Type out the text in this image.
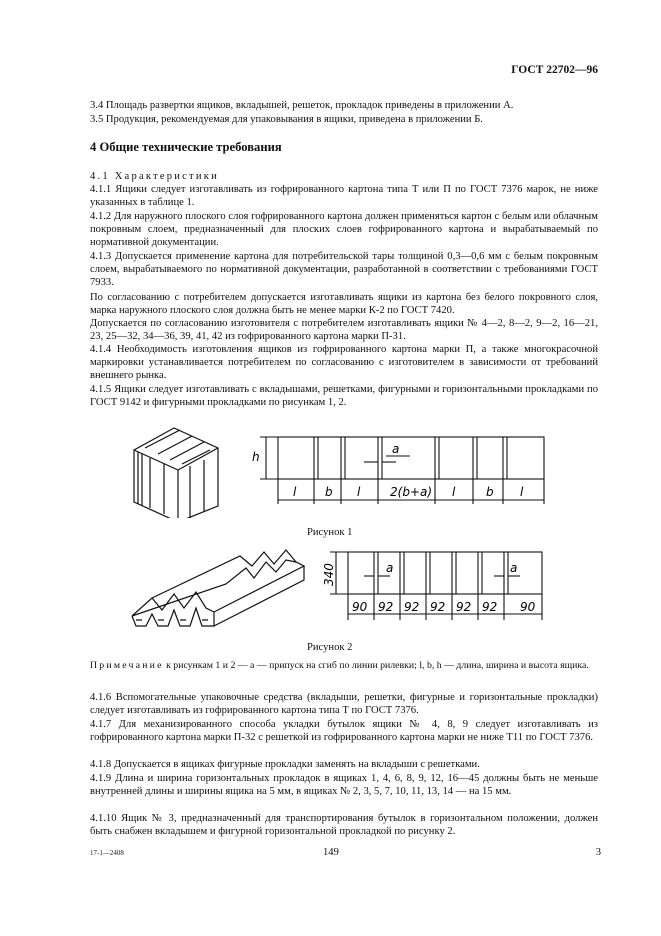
ГОСТ 22702—96

3.4 Площадь развертки ящиков, вкладышей, решеток, прокладок приведены в приложении А.

3.5 Продукция, рекомендуемая для упаковывания в ящики, приведена в приложении Б.

4 Общие технические требования

4.1 Характеристики

4.1.1 Ящики следует изготавливать из гофрированного картона типа Т или П по ГОСТ 7376 марок, не ниже указанных в таблице 1.

4.1.2 Для наружного плоского слоя гофрированного картона должен применяться картон с белым или облачным покровным слоем, предназначенный для плоских слоев гофрированного картона и вырабатываемый по нормативной документации.

4.1.3 Допускается применение картона для потребительской тары толщиной 0,3—0,6 мм с белым покровным слоем, вырабатываемого по нормативной документации, разработанной в соответствии с требованиями ГОСТ 7933.

По согласованию с потребителем допускается изготавливать ящики из картона без белого покровного слоя, марка наружного плоского слоя должна быть не менее марки К-2 по ГОСТ 7420.

Допускается по согласованию изготовителя с потребителем изготавливать ящики № 4—2, 8—2, 9—2, 16—21, 23, 25—32, 34—36, 39, 41, 42 из гофрированного картона марки П-31.

4.1.4 Необходимость изготовления ящиков из гофрированного картона марки П, а также многокрасочной маркировки устанавливается потребителем по согласованию с изготовителем в зависимости от требований внешнего рынка.

4.1.5 Ящики следует изготавливать с вкладышами, решетками, фигурными и горизонтальными прокладками по ГОСТ 9142 и фигурными прокладками по рисункам 1, 2.

h
a
l b l 2(b+a) l	b l
Рисунок 1
340	a	a
90 92 92 92 92 92 90
Рисунок 2

Примечание к рисункам 1 и 2 — а — припуск на сгиб по линии рилевки; l, b, h — длина, ширина и высота ящика.

4.1.6 Вспомогательные упаковочные средства (вкладыши, решетки, фигурные и горизонтальные прокладки) следует изготавливать из гофрированного картона типа Т по ГОСТ 7376.

4.1.7 Для механизированного способа укладки бутылок ящики № 4, 8, 9 следует изготавливать из гофрированного картона марки П-32 с решеткой из гофрированного картона марки не ниже Т11 по ГОСТ 7376.

4.1.8 Допускается в ящиках фигурные прокладки заменять на вкладыши с решетками.

4.1.9 Длина и ширина горизонтальных прокладок в ящиках 1, 4, 6, 8, 9, 12, 16—45 должны быть не меньше внутренней длины и ширины ящика на 5 мм, в ящиках № 2, 3, 5, 7, 10, 11, 13, 14 — на 15 мм.

4.1.10 Ящик № 3, предназначенный для транспортирования бутылок в горизонтальном положении, должен быть снабжен вкладышем и фигурной горизонтальной прокладкой по рисунку 2.

17-1—2408	149	3
